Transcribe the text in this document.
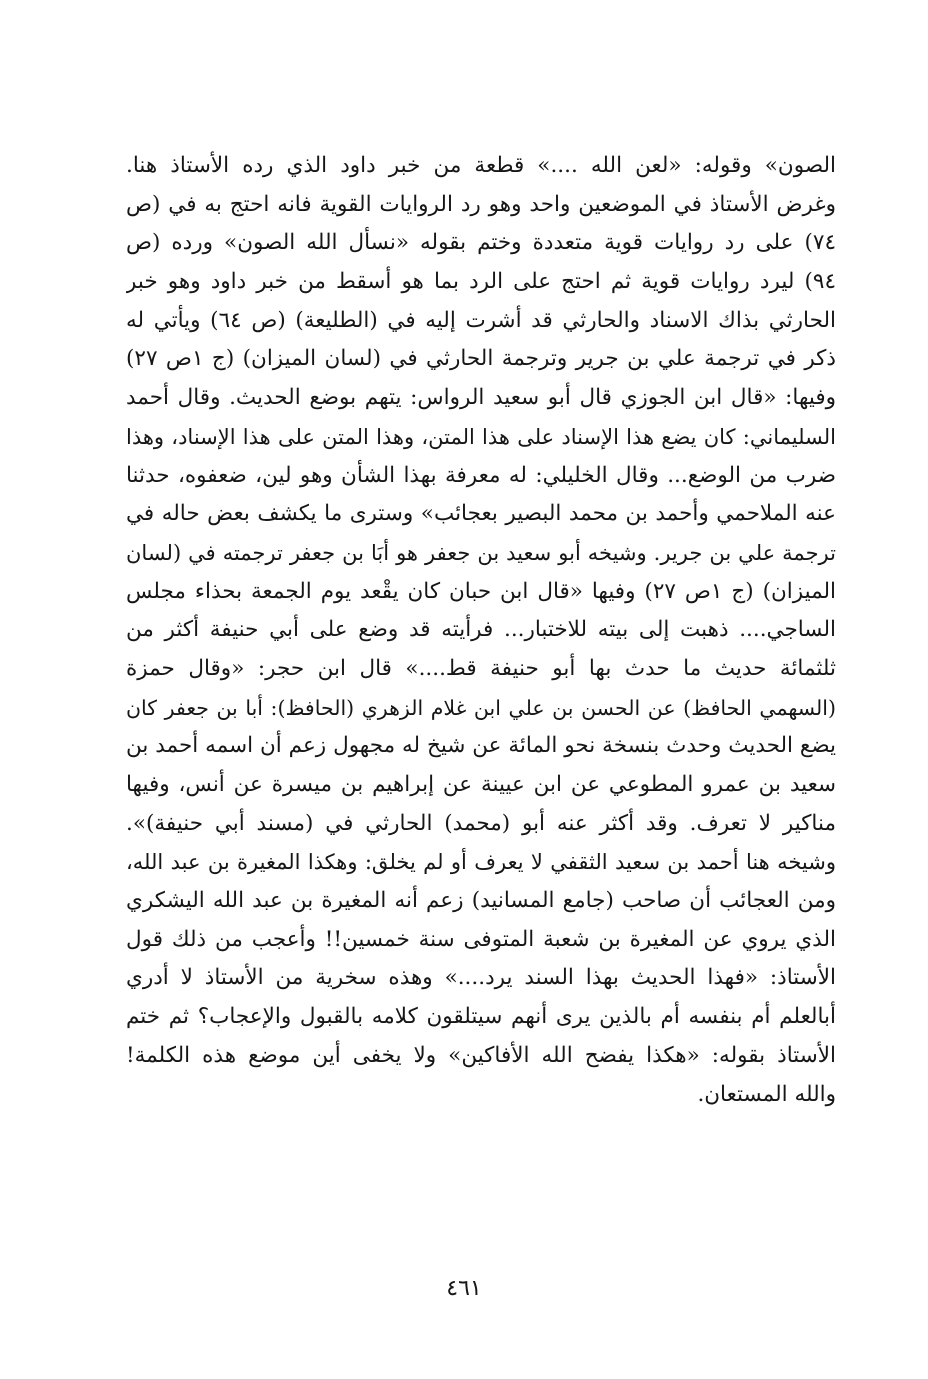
الصون» وقوله: «لعن الله ....» قطعة من خبر داود الذي رده الأستاذ هنا.
وغرض الأستاذ في الموضعين واحد وهو رد الروايات القوية فانه احتج به في (ص
٧٤) على رد روايات قوية متعددة وختم بقوله «نسأل الله الصون» ورده (ص
٩٤) ليرد روايات قوية ثم احتج على الرد بما هو أسقط من خبر داود وهو خبر
الحارثي بذاك الاسناد والحارثي قد أشرت إليه في (الطليعة) (ص ٦٤) ويأتي له
ذكر في ترجمة علي بن جرير وترجمة الحارثي في (لسان الميزان) (ج ١ص ٢٧)
وفيها: «قال ابن الجوزي قال أبو سعيد الرواس: يتهم بوضع الحديث. وقال أحمد
السليماني: كان يضع هذا الإسناد على هذا المتن، وهذا المتن على هذا الإسناد، وهذا
ضرب من الوضع... وقال الخليلي: له معرفة بهذا الشأن وهو لين، ضعفوه، حدثنا
عنه الملاحمي وأحمد بن محمد البصير بعجائب» وسترى ما يكشف بعض حاله في
ترجمة علي بن جرير. وشيخه أبو سعيد بن جعفر هو أبَا بن جعفر ترجمته في (لسان
الميزان) (ج ١ص ٢٧) وفيها «قال ابن حبان كان يقْعد يوم الجمعة بحذاء مجلس
الساجي.... ذهبت إلى بيته للاختبار... فرأيته قد وضع على أبي حنيفة أكثر من
ثلثمائة حديث ما حدث بها أبو حنيفة قط....» قال ابن حجر: «وقال حمزة
(السهمي الحافظ) عن الحسن بن علي ابن غلام الزهري (الحافظ): أبا بن جعفر كان
يضع الحديث وحدث بنسخة نحو المائة عن شيخ له مجهول زعم أن اسمه أحمد بن
سعيد بن عمرو المطوعي عن ابن عيينة عن إبراهيم بن ميسرة عن أنس، وفيها
مناكير لا تعرف. وقد أكثر عنه أبو (محمد) الحارثي في (مسند أبي حنيفة)».
وشيخه هنا أحمد بن سعيد الثقفي لا يعرف أو لم يخلق: وهكذا المغيرة بن عبد الله،
ومن العجائب أن صاحب (جامع المسانيد) زعم أنه المغيرة بن عبد الله اليشكري
الذي يروي عن المغيرة بن شعبة المتوفى سنة خمسين!! وأعجب من ذلك قول
الأستاذ: «فهذا الحديث بهذا السند يرد....» وهذه سخرية من الأستاذ لا أدري
أبالعلم أم بنفسه أم بالذين يرى أنهم سيتلقون كلامه بالقبول والإعجاب؟ ثم ختم
الأستاذ بقوله: «هكذا يفضح الله الأفاكين» ولا يخفى أين موضع هذه الكلمة!
والله المستعان.
٤٦١
